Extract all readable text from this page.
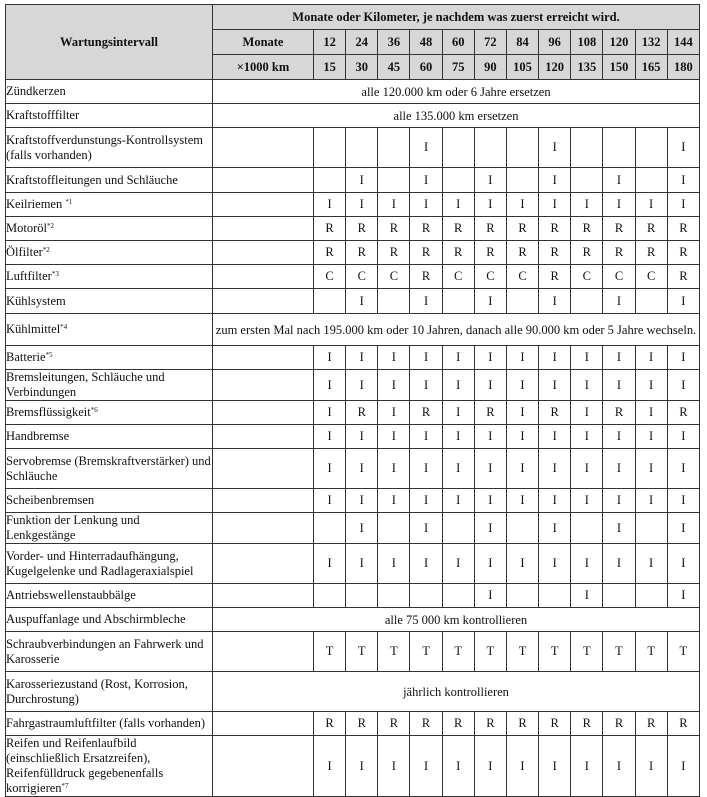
Wartungsintervall	Monate oder Kilometer, je nachdem was zuerst erreicht wird.												
	Monate	12	24	36	48	60	72	84	96	108	120	132	144
	×1000 km	15	30	45	60	75	90	105	120	135	150	165	180
Zündkerzen	alle 120.000 km oder 6 Jahre ersetzen												
Kraftstofffilter	alle 135.000 km ersetzen												
Kraftstoffverdunstungs-Kontrollsystem (falls vorhanden)					I				I				I
Kraftstoffleitungen und Schläuche			I		I		I		I		I		I
Keilriemen $^{*1}$		I	I	I	I	I	I	I	I	I	I	I	I
Motoröl$^{*2}$		R	R	R	R	R	R	R	R	R	R	R	R
Ölfilter$^{*2}$		R	R	R	R	R	R	R	R	R	R	R	R
Luftfilter$^{*3}$		C	C	C	R	C	C	C	R	C	C	C	R
Kühlsystem			I		I		I		I		I		I
Kühlmittel$^{*4}$	zum ersten Mal nach 195.000 km oder 10 Jahren, danach alle 90.000 km oder 5 Jahre wechseln.												
Batterie$^{*5}$		I	I	I	I	I	I	I	I	I	I	I	I
Bremsleitungen, Schläuche und Verbindungen		I	I	I	I	I	I	I	I	I	I	I	I
Bremsflüssigkeit$^{*6}$		I	R	I	R	I	R	I	R	I	R	I	R
Handbremse		I	I	I	I	I	I	I	I	I	I	I	I
Servobremse (Bremskraftverstärker) und Schläuche		I	I	I	I	I	I	I	I	I	I	I	I
Scheibenbremsen		I	I	I	I	I	I	I	I	I	I	I	I
Funktion der Lenkung und Lenkgestänge			I		I		I		I		I		I
Vorder- und Hinterradaufhängung, Kugelgelenke und Radlageraxialspiel		I	I	I	I	I	I	I	I	I	I	I	I
Antriebswellenstaubbälge							I			I			I
Auspuffanlage und Abschirmbleche	alle 75 000 km kontrollieren												
Schraubverbindungen an Fahrwerk und Karosserie		T	T	T	T	T	T	T	T	T	T	T	T
Karosseriezustand (Rost, Korrosion, Durchrostung)	jährlich kontrollieren												
Fahrgastraumluftfilter (falls vorhanden)		R	R	R	R	R	R	R	R	R	R	R	R
Reifen und Reifenlaufbild (einschließlich Ersatzreifen), Reifenfülldruck gegebenenfalls korrigieren$^{*7}$		I	I	I	I	I	I	I	I	I	I	I	I
